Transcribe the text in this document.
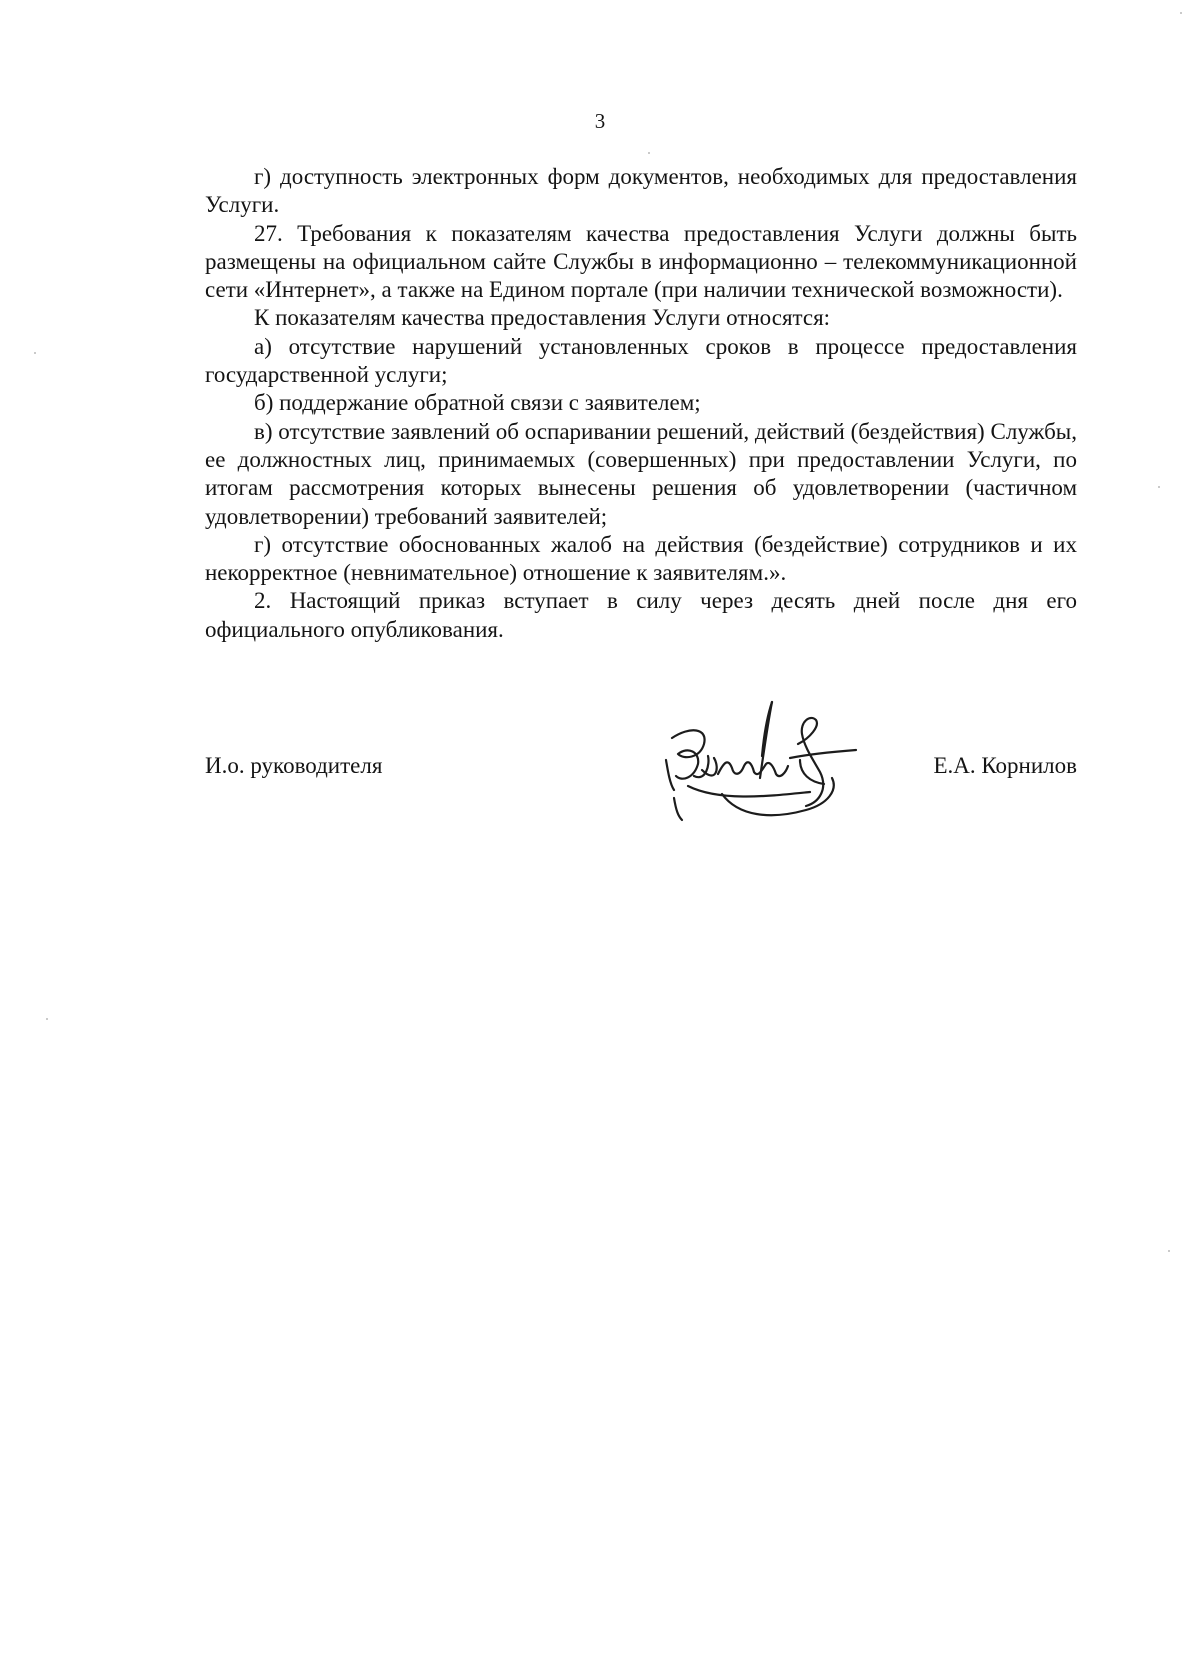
3

г) доступность электронных форм документов, необходимых для предоставления Услуги.

27. Требования к показателям качества предоставления Услуги должны быть размещены на официальном сайте Службы в информационно – телекоммуникационной сети «Интернет», а также на Едином портале (при наличии технической возможности).

К показателям качества предоставления Услуги относятся:

а) отсутствие нарушений установленных сроков в процессе предоставления государственной услуги;

б) поддержание обратной связи с заявителем;

в) отсутствие заявлений об оспаривании решений, действий (бездействия) Службы, ее должностных лиц, принимаемых (совершенных) при предоставлении Услуги, по итогам рассмотрения которых вынесены решения об удовлетворении (частичном удовлетворении) требований заявителей;

г) отсутствие обоснованных жалоб на действия (бездействие) сотрудников и их некорректное (невнимательное) отношение к заявителям.».

2. Настоящий приказ вступает в силу через десять дней после дня его официального опубликования.

И.о. руководителя	Е.А. Корнилов
